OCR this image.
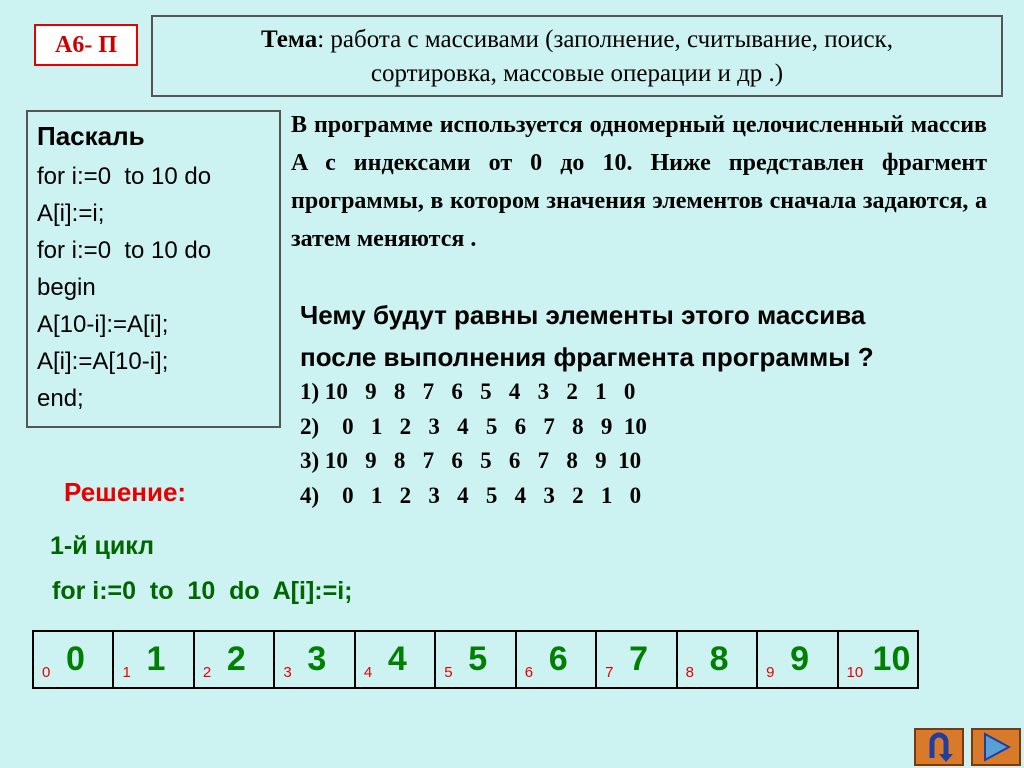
А6- П	Тема: работа с массивами (заполнение, считывание, поиск,
сортировка, массовые операции и др .)
Паскаль
for i:=0  to 10 do
A[i]:=i;
for i:=0  to 10 do
begin
A[10-i]:=A[i];
A[i]:=A[10-i];
end;
В программе используется одномерный целочисленный массив A с индексами от 0 до 10. Ниже представлен фрагмент программы, в котором значения элементов сначала задаются, а затем меняются .
Чему будут равны элементы этого массива
после выполнения фрагмента программы ?
1) 10   9   8   7   6   5   4   3   2   1   0
2)    0   1   2   3   4   5   6   7   8   9  10
3) 10   9   8   7   6   5   6   7   8   9  10
4)    0   1   2   3   4   5   4   3   2   1   0
Решение:
1-й цикл
for i:=0  to  10  do  A[i]:=i;
0 0	1 1	2 2	3 3	4 4	5 5	6 6	7 7	8 8	9 9	10 10
